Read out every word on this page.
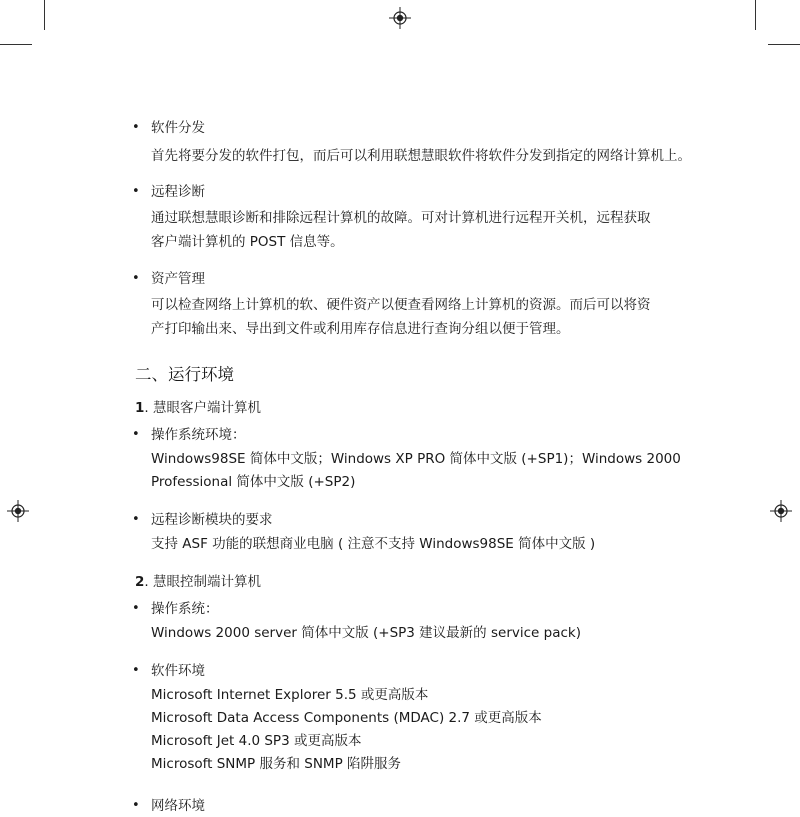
• 软件分发
首先将要分发的软件打包，而后可以利用联想慧眼软件将软件分发到指定的网络计算机上。
• 远程诊断
通过联想慧眼诊断和排除远程计算机的故障。可对计算机进行远程开关机，远程获取
客户端计算机的 POST 信息等。
• 资产管理
可以检查网络上计算机的软、硬件资产以便查看网络上计算机的资源。而后可以将资
产打印输出来、导出到文件或利用库存信息进行查询分组以便于管理。
二、运行环境
1. 慧眼客户端计算机
• 操作系统环境：
Windows98SE 简体中文版；Windows XP PRO 简体中文版 (+SP1)；Windows 2000
Professional 简体中文版 (+SP2)
• 远程诊断模块的要求
支持 ASF 功能的联想商业电脑 ( 注意不支持 Windows98SE 简体中文版 )
2. 慧眼控制端计算机
• 操作系统：
Windows 2000 server 简体中文版 (+SP3 建议最新的 service pack)
• 软件环境
Microsoft Internet Explorer 5.5 或更高版本
Microsoft Data Access Components (MDAC) 2.7 或更高版本
Microsoft Jet 4.0 SP3 或更高版本
Microsoft SNMP 服务和 SNMP 陷阱服务
• 网络环境
